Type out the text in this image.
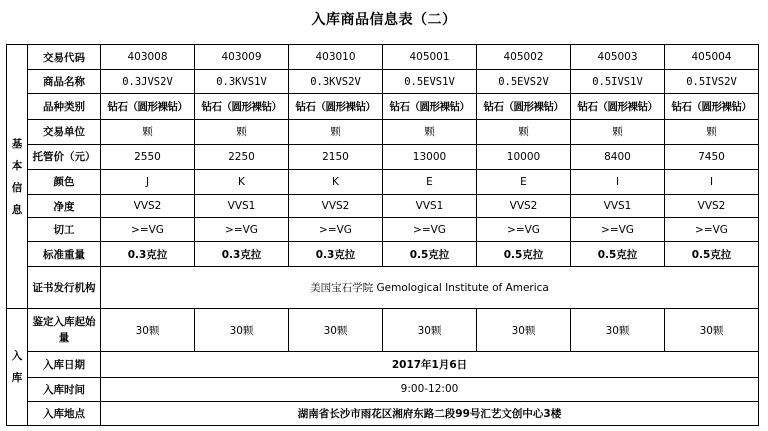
入库商品信息表（二）
基
本
信
息	交易代码	403008	403009	403010	405001	405002	405003	405004
	商品名称	0.3JVS2V	0.3KVS1V	0.3KVS2V	0.5EVS1V	0.5EVS2V	0.5IVS1V	0.5IVS2V
	品种类别	钻石（圆形裸钻）	钻石（圆形裸钻）	钻石（圆形裸钻）	钻石（圆形裸钻）	钻石（圆形裸钻）	钻石（圆形裸钻）	钻石（圆形裸钻）
	交易单位	颗	颗	颗	颗	颗	颗	颗
	托管价（元）	2550	2250	2150	13000	10000	8400	7450
	颜色	J	K	K	E	E	I	I
	净度	VVS2	VVS1	VVS2	VVS1	VVS2	VVS1	VVS2
	切工	>=VG	>=VG	>=VG	>=VG	>=VG	>=VG	>=VG
	标准重量	0.3克拉	0.3克拉	0.3克拉	0.5克拉	0.5克拉	0.5克拉	0.5克拉
	证书发行机构	美国宝石学院 Gemological Institute of America						

入
库	鉴定入库起始量	30颗	30颗	30颗	30颗	30颗	30颗	30颗
	入库日期	2017年1月6日						
	入库时间	9:00-12:00						
	入库地点	湖南省长沙市雨花区湘府东路二段99号汇艺文创中心3楼						
